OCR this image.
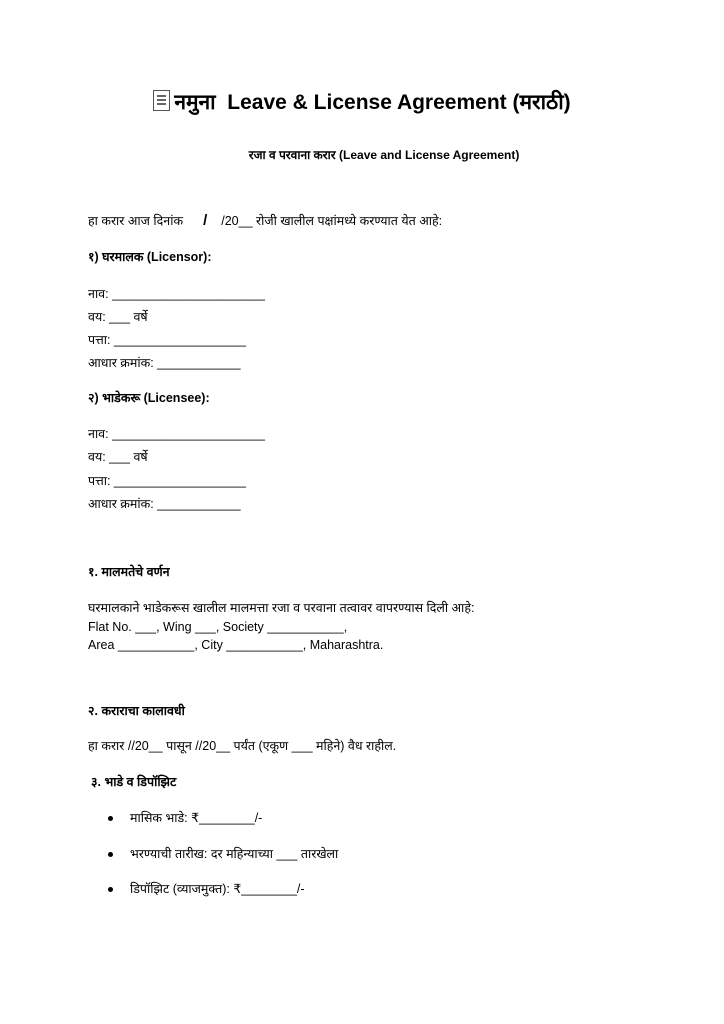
नमुना Leave & License Agreement (मराठी)
रजा व परवाना करार (Leave and License Agreement)
हा करार आज दिनांक / /20__ रोजी खालील पक्षांमध्ये करण्यात येत आहे:
१) घरमालक (Licensor):
नाव: ______________________
वय: ___ वर्षे
पत्ता: ___________________
आधार क्रमांक: ____________
२) भाडेकरू (Licensee):
नाव: ______________________
वय: ___ वर्षे
पत्ता: ___________________
आधार क्रमांक: ____________
१. मालमतेचे वर्णन
घरमालकाने भाडेकरूस खालील मालमत्ता रजा व परवाना तत्वावर वापरण्यास दिली आहे:
Flat No. ___, Wing ___, Society ___________,
Area ___________, City ___________, Maharashtra.
२. कराराचा कालावधी
हा करार //20__ पासून //20__ पर्यंत (एकूण ___ महिने) वैध राहील.
३. भाडे व डिपॉझिट
मासिक भाडे: ₹________/-
भरण्याची तारीख: दर महिन्याच्या ___ तारखेला
डिपॉझिट (व्याजमुक्त): ₹________/-
